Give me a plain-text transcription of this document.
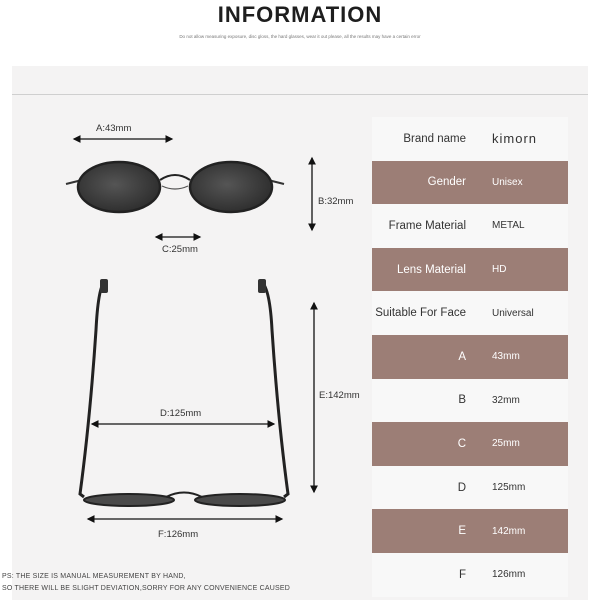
INFORMATION
Do not allow measuring exposure, disc gloss, the hard glasses, wear it out please, all the results may have a certain error
A:43mm
B:32mm
C:25mm
D:125mm
E:142mm
F:126mm
Brand name	kimorn
Gender	Unisex
Frame Material	METAL
Lens Material	HD
Suitable For Face	Universal
A	43mm
B	32mm
C	25mm
D	125mm
E	142mm
F	126mm
PS: THE SIZE IS MANUAL MEASUREMENT BY HAND,
SO THERE WILL BE SLIGHT DEVIATION,SORRY FOR ANY CONVENIENCE CAUSED
